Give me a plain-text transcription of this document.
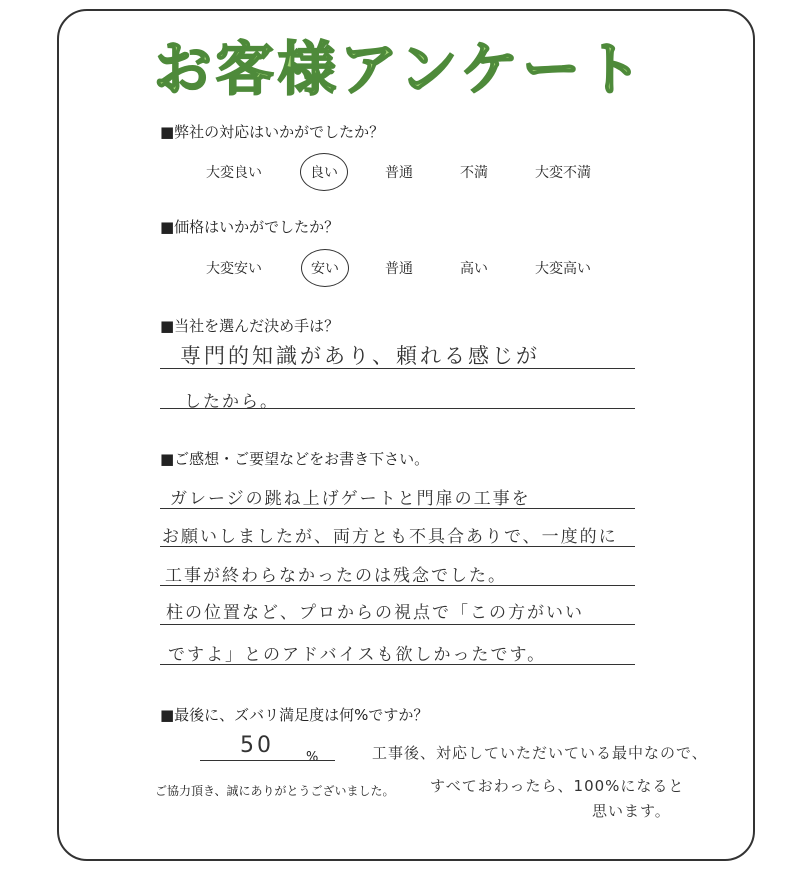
お客様アンケート
■弊社の対応はいかがでしたか？
大変良い	良い	普通	不満	大変不満
■価格はいかがでしたか？
大変安い	安い	普通	高い	大変高い
■当社を選んだ決め手は？
専門的知識があり、頼れる感じが
したから。
■ご感想・ご要望などをお書き下さい。
ガレージの跳ね上げゲートと門扉の工事を
お願いしましたが、両方とも不具合ありで、一度的に
工事が終わらなかったのは残念でした。
柱の位置など、プロからの視点で「この方がいい
ですよ」とのアドバイスも欲しかったです。
■最後に、ズバリ満足度は何%ですか？
50 %	工事後、対応していただいている最中なので、
すべておわったら、100%になると
思います。
ご協力頂き、誠にありがとうございました。
